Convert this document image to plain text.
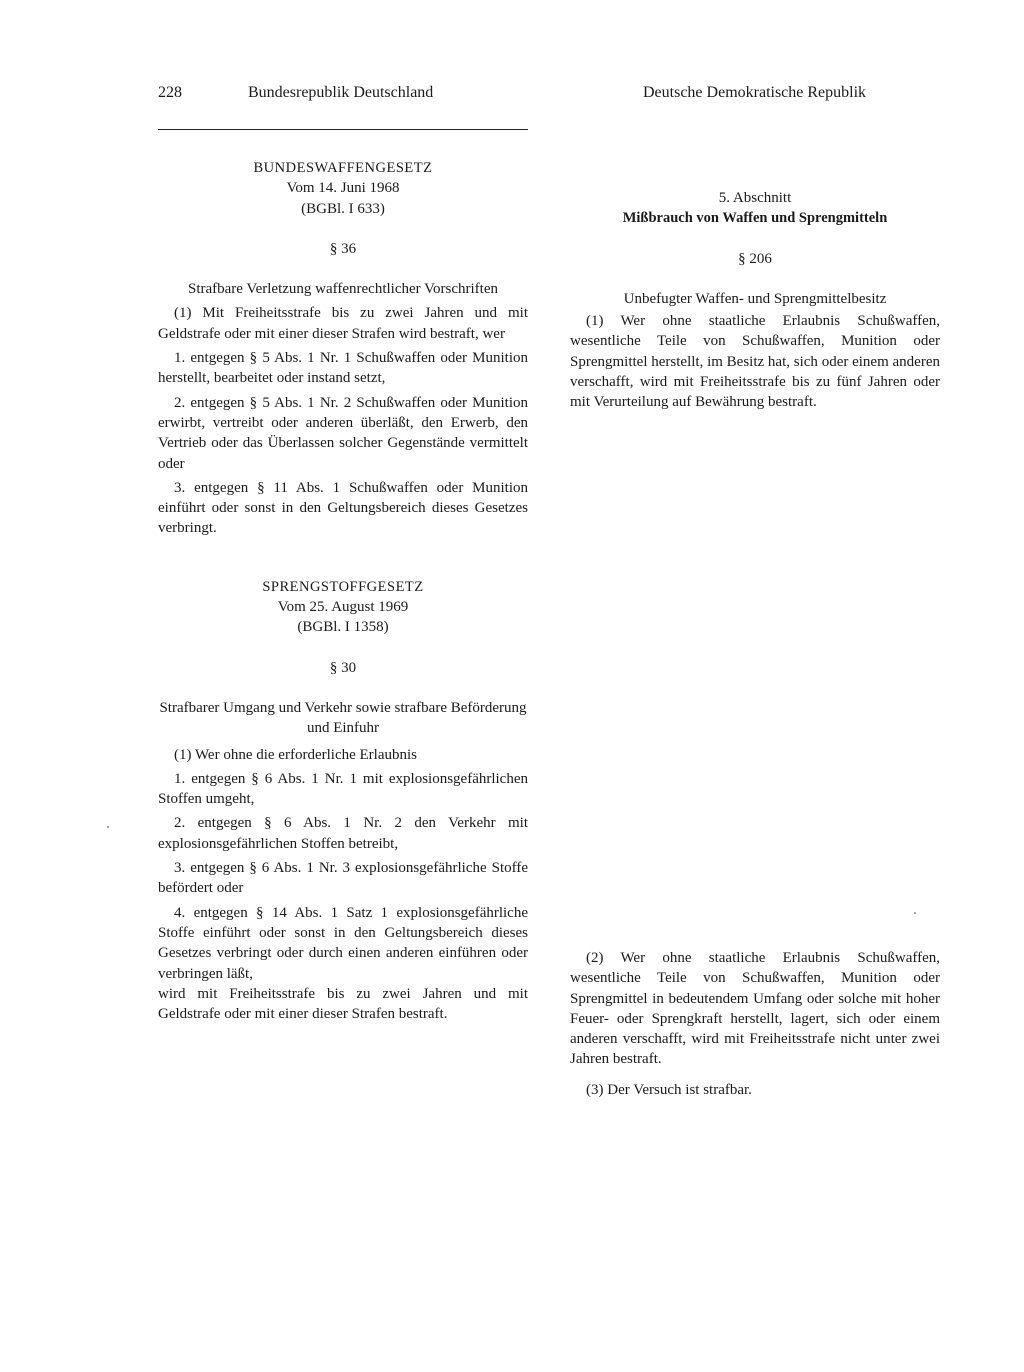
228	Bundesrepublik Deutschland	Deutsche Demokratische Republik

BUNDESWAFFENGESETZ

Vom 14. Juni 1968

(BGBl. I 633)

§ 36

Strafbare Verletzung waffenrechtlicher Vorschriften

(1) Mit Freiheitsstrafe bis zu zwei Jahren und mit Geldstrafe oder mit einer dieser Strafen wird bestraft, wer

1. entgegen § 5 Abs. 1 Nr. 1 Schußwaffen oder Munition herstellt, bearbeitet oder instand setzt,

2. entgegen § 5 Abs. 1 Nr. 2 Schußwaffen oder Munition erwirbt, vertreibt oder anderen überläßt, den Erwerb, den Vertrieb oder das Überlassen solcher Gegenstände vermittelt oder

3. entgegen § 11 Abs. 1 Schußwaffen oder Munition einführt oder sonst in den Geltungsbereich dieses Gesetzes verbringt.

SPRENGSTOFFGESETZ

Vom 25. August 1969

(BGBl. I 1358)

§ 30

Strafbarer Umgang und Verkehr sowie strafbare Beförderung und Einfuhr

(1) Wer ohne die erforderliche Erlaubnis

1. entgegen § 6 Abs. 1 Nr. 1 mit explosionsgefährlichen Stoffen umgeht,

2. entgegen § 6 Abs. 1 Nr. 2 den Verkehr mit explosionsgefährlichen Stoffen betreibt,

3. entgegen § 6 Abs. 1 Nr. 3 explosionsgefährliche Stoffe befördert oder

4. entgegen § 14 Abs. 1 Satz 1 explosionsgefährliche Stoffe einführt oder sonst in den Geltungsbereich dieses Gesetzes verbringt oder durch einen anderen einführen oder verbringen läßt,

wird mit Freiheitsstrafe bis zu zwei Jahren und mit Geldstrafe oder mit einer dieser Strafen bestraft.

5. Abschnitt

Mißbrauch von Waffen und Sprengmitteln

§ 206

Unbefugter Waffen- und Sprengmittelbesitz

(1) Wer ohne staatliche Erlaubnis Schußwaffen, wesentliche Teile von Schußwaffen, Munition oder Sprengmittel herstellt, im Besitz hat, sich oder einem anderen verschafft, wird mit Freiheitsstrafe bis zu fünf Jahren oder mit Verurteilung auf Bewährung bestraft.

(2) Wer ohne staatliche Erlaubnis Schußwaffen, wesentliche Teile von Schußwaffen, Munition oder Sprengmittel in bedeutendem Umfang oder solche mit hoher Feuer- oder Sprengkraft herstellt, lagert, sich oder einem anderen verschafft, wird mit Freiheitsstrafe nicht unter zwei Jahren bestraft.

(3) Der Versuch ist strafbar.
